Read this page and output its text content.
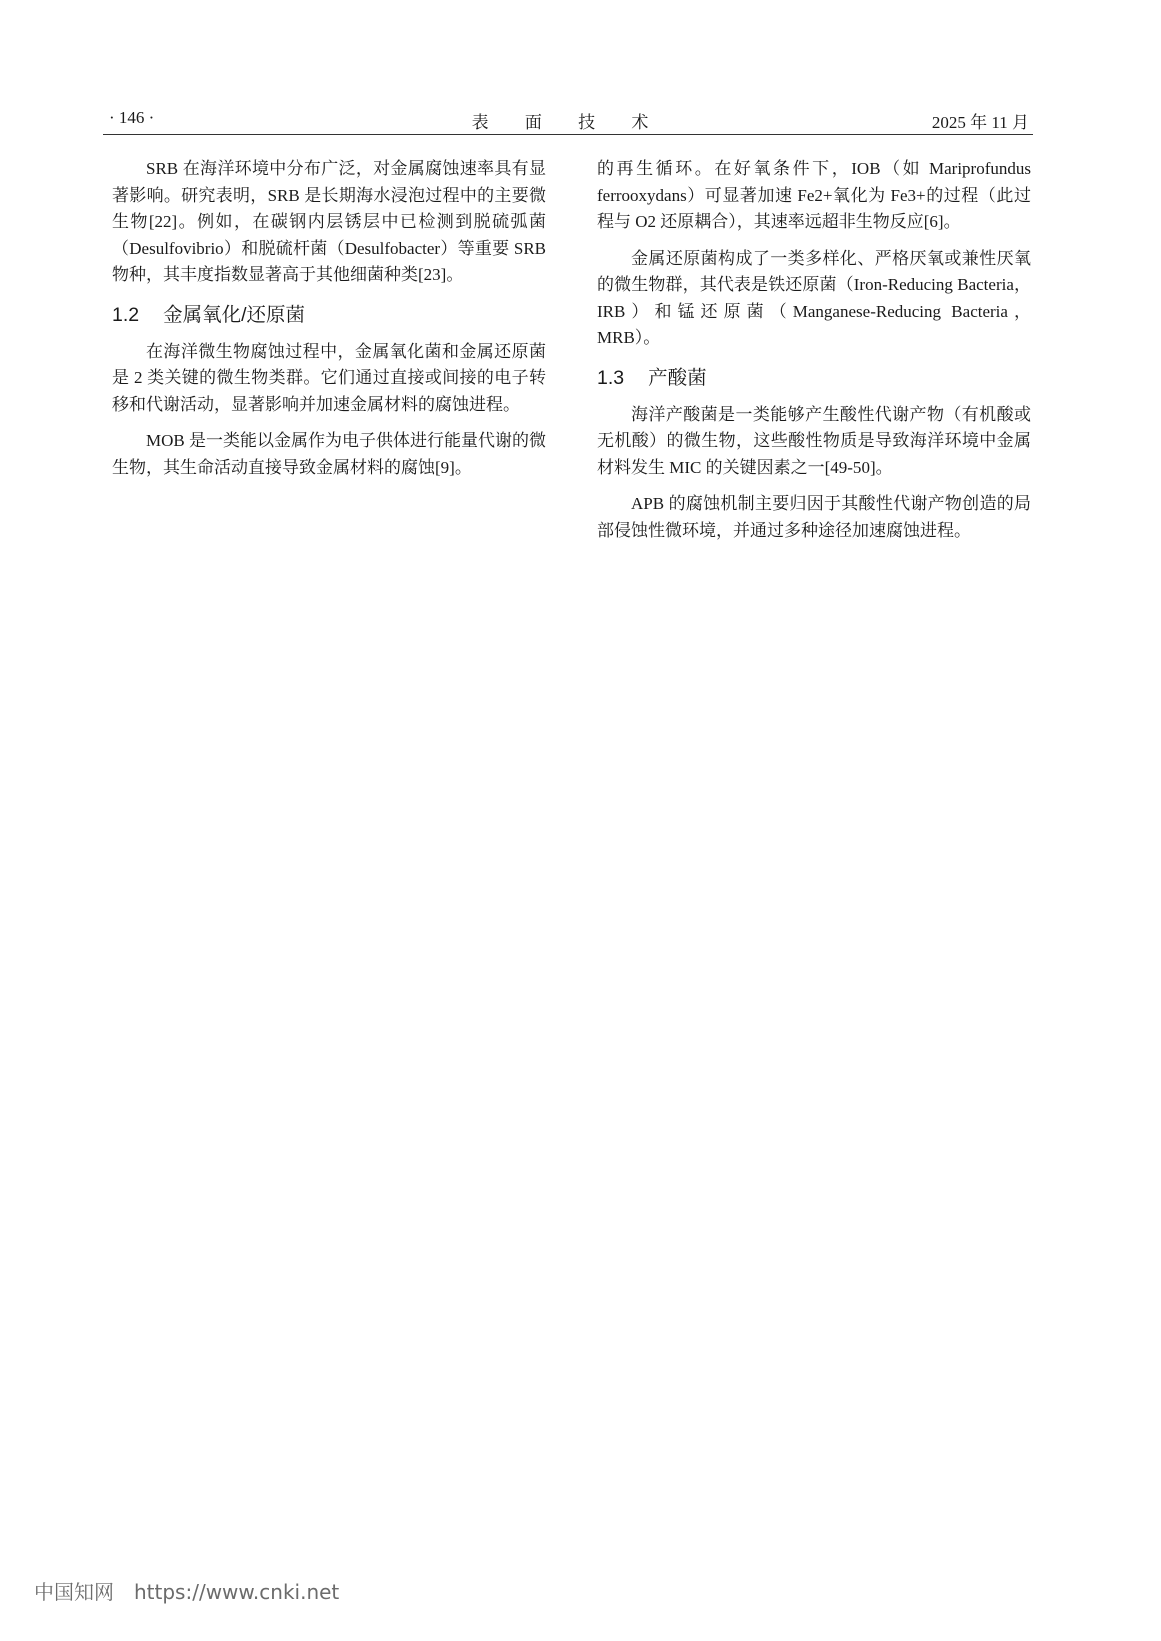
· 146 ·	表 面 技 术	2025 年 11 月

SRB 在海洋环境中分布广泛，对金属腐蚀速率具有显著影响。研究表明，SRB 是长期海水浸泡过程中的主要微生物[22]。例如，在碳钢内层锈层中已检测到脱硫弧菌（Desulfovibrio）和脱硫杆菌（Desulfobacter）等重要 SRB 物种，其丰度指数显著高于其他细菌种类[23]。

1.2 金属氧化/还原菌

在海洋微生物腐蚀过程中，金属氧化菌和金属还原菌是 2 类关键的微生物类群。它们通过直接或间接的电子转移和代谢活动，显著影响并加速金属材料的腐蚀进程。

MOB 是一类能以金属作为电子供体进行能量代谢的微生物，其生命活动直接导致金属材料的腐蚀[9]。

的再生循环。在好氧条件下，IOB（如 Mariprofundus ferrooxydans）可显著加速 Fe2+氧化为 Fe3+的过程（此过程与 O2 还原耦合），其速率远超非生物反应[6]。

金属还原菌构成了一类多样化、严格厌氧或兼性厌氧的微生物群，其代表是铁还原菌（Iron-Reducing Bacteria，IRB）和锰还原菌（Manganese-Reducing Bacteria，MRB）。

1.3 产酸菌

海洋产酸菌是一类能够产生酸性代谢产物（有机酸或无机酸）的微生物，这些酸性物质是导致海洋环境中金属材料发生 MIC 的关键因素之一[49-50]。

APB 的腐蚀机制主要归因于其酸性代谢产物创造的局部侵蚀性微环境，并通过多种途径加速腐蚀进程。

中国知网 https://www.cnki.net
